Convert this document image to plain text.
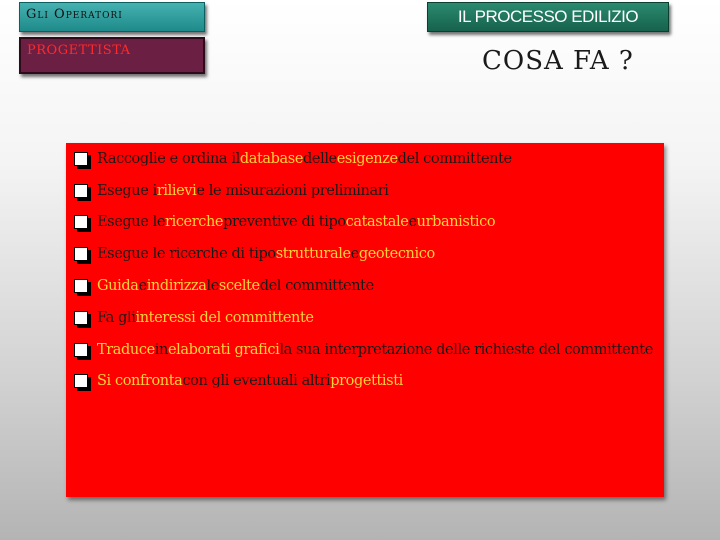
Gli Operatori
PROGETTISTA
IL PROCESSO EDILIZIO
COSA FA ?
Raccoglie e ordina il database delle esigenze del committente
Esegue i rilievi e le misurazioni preliminari
Esegue le ricerche preventive di tipo catastale e urbanistico
Esegue le ricerche di tipo strutturale e geotecnico
Guida e indirizza le scelte del committente
Fa gli interessi del committente
Traduce in elaborati grafici la sua interpretazione delle richieste del committente
Si confronta con gli eventuali altri progettisti
